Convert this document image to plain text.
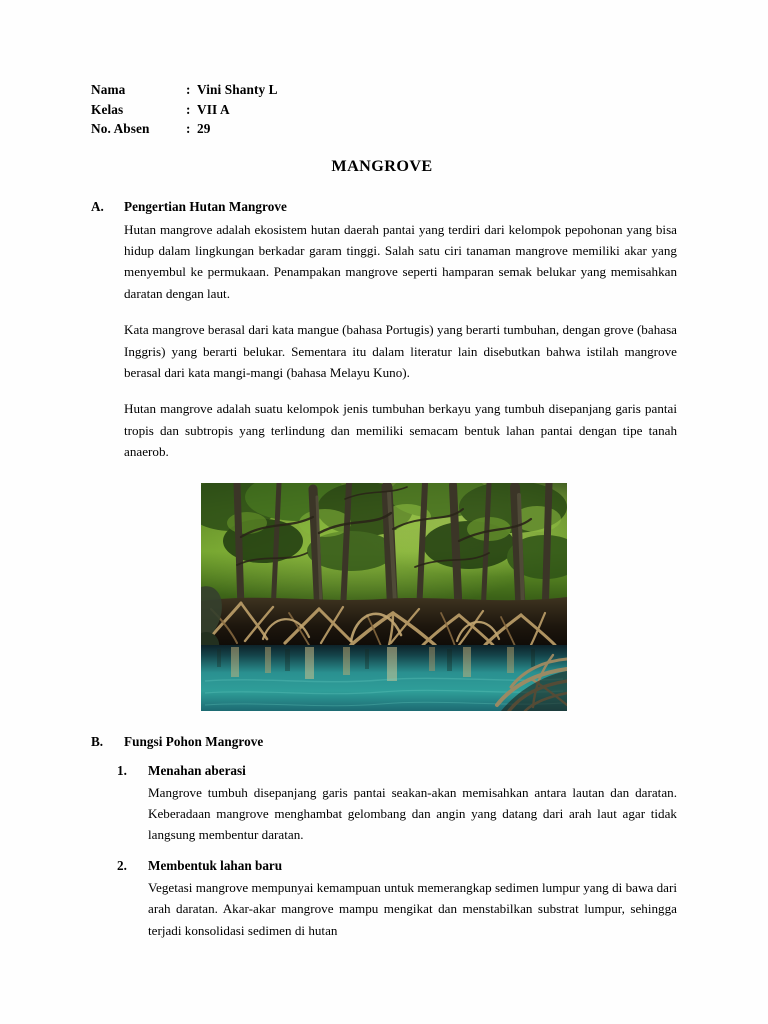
Nama	: Vini Shanty L
Kelas	: VII A
No. Absen	: 29
MANGROVE
A.	Pengertian Hutan Mangrove

Hutan mangrove adalah ekosistem hutan daerah pantai yang terdiri dari kelompok pepohonan yang bisa hidup dalam lingkungan berkadar garam tinggi. Salah satu ciri tanaman mangrove memiliki akar yang menyembul ke permukaan. Penampakan mangrove seperti hamparan semak belukar yang memisahkan daratan dengan laut.

Kata mangrove berasal dari kata mangue (bahasa Portugis) yang berarti tumbuhan, dengan grove (bahasa Inggris) yang berarti belukar. Sementara itu dalam literatur lain disebutkan bahwa istilah mangrove berasal dari kata mangi-mangi (bahasa Melayu Kuno).

Hutan mangrove adalah suatu kelompok jenis tumbuhan berkayu yang tumbuh disepanjang garis pantai tropis dan subtropis yang terlindung dan memiliki semacam bentuk lahan pantai dengan tipe tanah anaerob.

B.	Fungsi Pohon Mangrove
1.	Menahan aberasi

Mangrove tumbuh disepanjang garis pantai seakan-akan memisahkan antara lautan dan daratan. Keberadaan mangrove menghambat gelombang dan angin yang datang dari arah laut agar tidak langsung membentur daratan.

2.	Membentuk lahan baru

Vegetasi mangrove mempunyai kemampuan untuk memerangkap sedimen lumpur yang di bawa dari arah daratan. Akar-akar mangrove mampu mengikat dan menstabilkan substrat lumpur, sehingga terjadi konsolidasi sedimen di hutan
